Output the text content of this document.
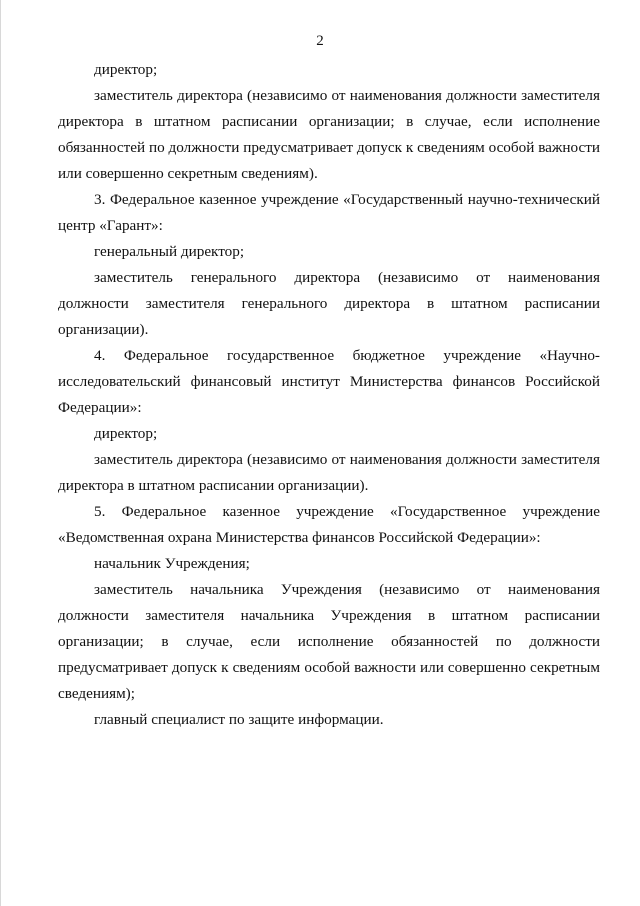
2

директор;

заместитель директора (независимо от наименования должности заместителя директора в штатном расписании организации; в случае, если исполнение обязанностей по должности предусматривает допуск к сведениям особой важности или совершенно секретным сведениям).

3. Федеральное казенное учреждение «Государственный научно-технический центр «Гарант»:

генеральный директор;

заместитель генерального директора (независимо от наименования должности заместителя генерального директора в штатном расписании организации).

4. Федеральное государственное бюджетное учреждение «Научно-исследовательский финансовый институт Министерства финансов Российской Федерации»:

директор;

заместитель директора (независимо от наименования должности заместителя директора в штатном расписании организации).

5. Федеральное казенное учреждение «Государственное учреждение «Ведомственная охрана Министерства финансов Российской Федерации»:

начальник Учреждения;

заместитель начальника Учреждения (независимо от наименования должности заместителя начальника Учреждения в штатном расписании организации; в случае, если исполнение обязанностей по должности предусматривает допуск к сведениям особой важности или совершенно секретным сведениям);

главный специалист по защите информации.
